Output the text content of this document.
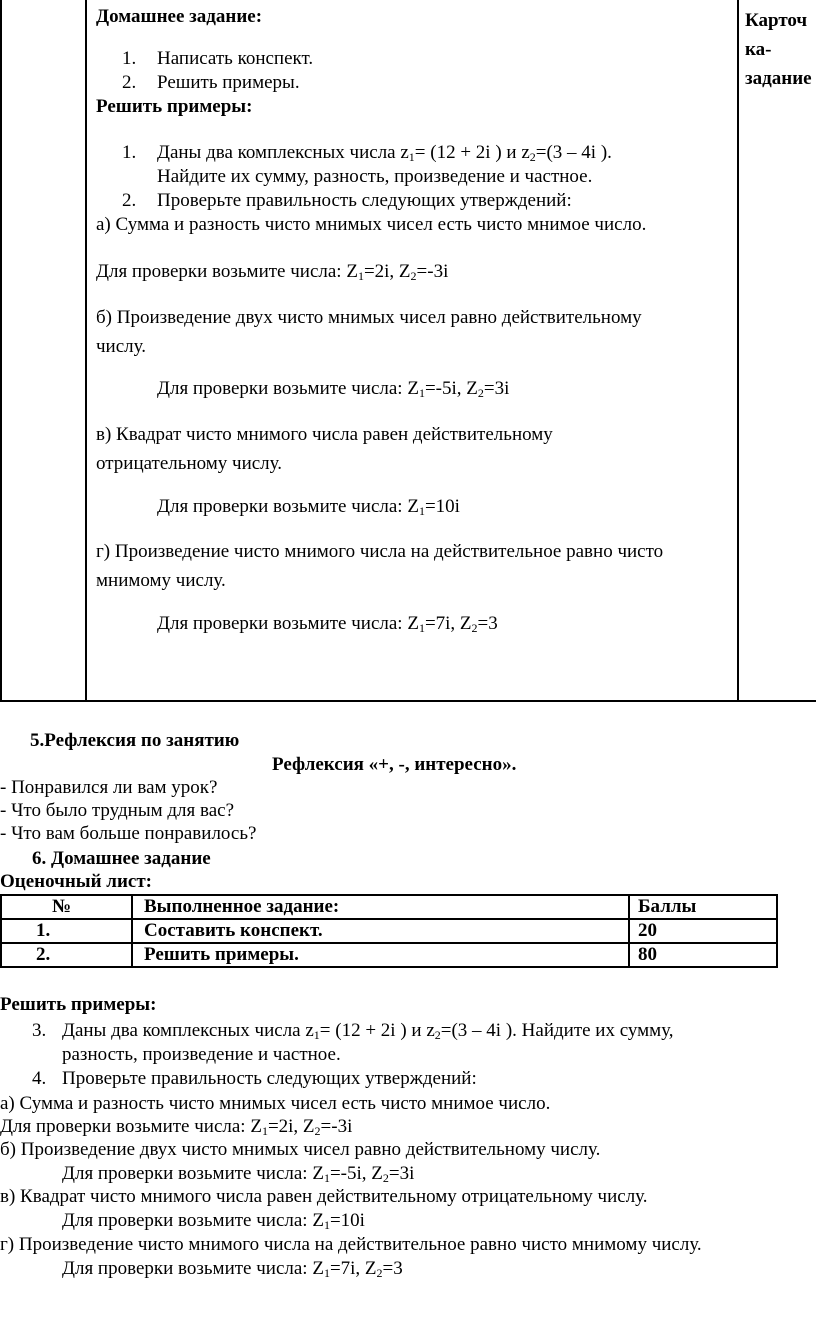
Карточ
ка-
задание
Домашнее задание:
1. Написать конспект.
2. Решить примеры.
Решить примеры:
1. Даны два комплексных числа $z_1= (12 + 2i$ ) и $z_2=(3 - 4i$ ).
Найдите их сумму, разность, произведение и частное.
2. Проверьте правильность следующих утверждений:
а) Сумма и разность чисто мнимых чисел есть чисто мнимое число.
Для проверки возьмите числа: $Z_1=2i$, $Z_2=-3i$
б) Произведение двух чисто мнимых чисел равно действительному
числу.
Для проверки возьмите числа: $Z_1=-5i$, $Z_2=3i$
в) Квадрат чисто мнимого числа равен действительному
отрицательному числу.
Для проверки возьмите числа: $Z_1=10i$
г) Произведение чисто мнимого числа на действительное равно чисто
мнимому числу.
Для проверки возьмите числа: $Z_1=7i$, $Z_2=3$
5.Рефлексия по занятию
Рефлексия «+, -, интересно».
- Понравился ли вам урок?
- Что было трудным для вас?
- Что вам больше понравилось?
6. Домашнее задание
Оценочный лист:
№	Выполненное задание:	Баллы
1.	Составить конспект.	20
2.	Решить примеры.	80
Решить примеры:
3. Даны два комплексных числа $z_1= (12 + 2i$ ) и $z_2=(3 - 4i$ ). Найдите их сумму,
разность, произведение и частное.
4. Проверьте правильность следующих утверждений:
а) Сумма и разность чисто мнимых чисел есть чисто мнимое число.
Для проверки возьмите числа: $Z_1=2i$, $Z_2=-3i$
б) Произведение двух чисто мнимых чисел равно действительному числу.
Для проверки возьмите числа: $Z_1=-5i$, $Z_2=3i$
в) Квадрат чисто мнимого числа равен действительному отрицательному числу.
Для проверки возьмите числа: $Z_1=10i$
г) Произведение чисто мнимого числа на действительное равно чисто мнимому числу.
Для проверки возьмите числа: $Z_1=7i$, $Z_2=3$
